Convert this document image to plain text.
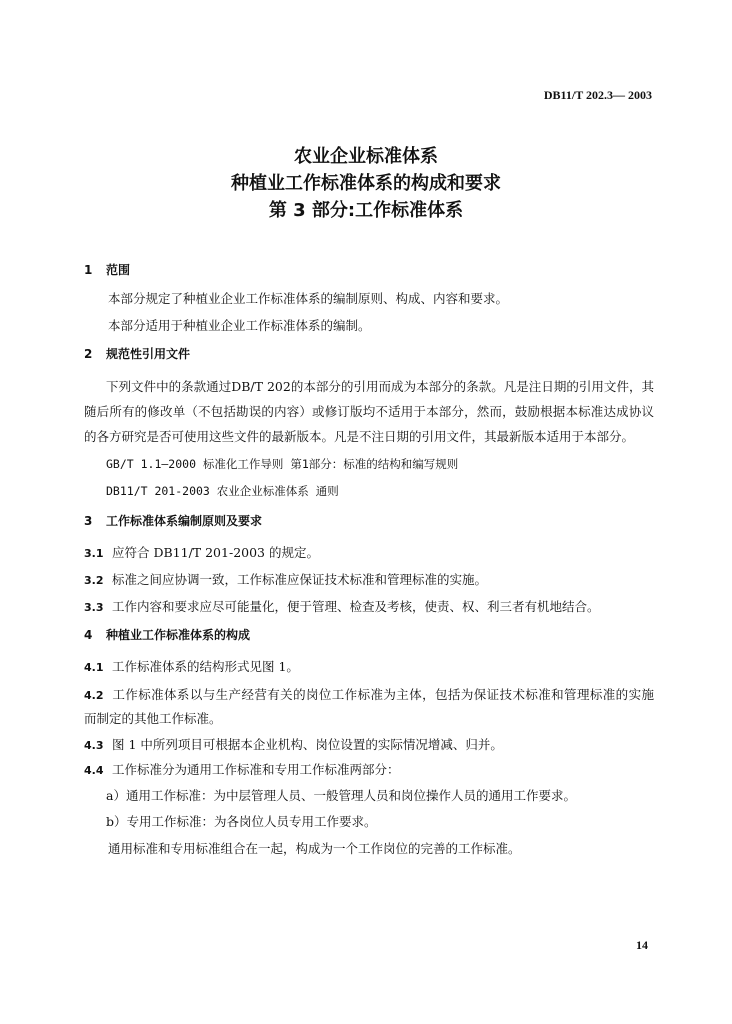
DB11/T 202.3— 2003
农业企业标准体系
种植业工作标准体系的构成和要求
第 3 部分:工作标准体系
1 范围
本部分规定了种植业企业工作标准体系的编制原则、构成、内容和要求。
本部分适用于种植业企业工作标准体系的编制。
2 规范性引用文件
下列文件中的条款通过DB/T 202的本部分的引用而成为本部分的条款。凡是注日期的引用文件，其
随后所有的修改单（不包括勘误的内容）或修订版均不适用于本部分，然而，鼓励根据本标准达成协议
的各方研究是否可使用这些文件的最新版本。凡是不注日期的引用文件，其最新版本适用于本部分。
GB/T 1.1—2000 标准化工作导则 第1部分：标准的结构和编写规则
DB11/T 201-2003 农业企业标准体系 通则
3 工作标准体系编制原则及要求
3.1 应符合 DB11/T 201-2003 的规定。
3.2 标准之间应协调一致，工作标准应保证技术标准和管理标准的实施。
3.3 工作内容和要求应尽可能量化，便于管理、检查及考核，使责、权、利三者有机地结合。
4 种植业工作标准体系的构成
4.1 工作标准体系的结构形式见图 1。
4.2 工作标准体系以与生产经营有关的岗位工作标准为主体，包括为保证技术标准和管理标准的实施
而制定的其他工作标准。
4.3 图 1 中所列项目可根据本企业机构、岗位设置的实际情况增减、归并。
4.4 工作标准分为通用工作标准和专用工作标准两部分：
a）通用工作标准：为中层管理人员、一般管理人员和岗位操作人员的通用工作要求。
b）专用工作标准：为各岗位人员专用工作要求。
通用标准和专用标准组合在一起，构成为一个工作岗位的完善的工作标准。
14
